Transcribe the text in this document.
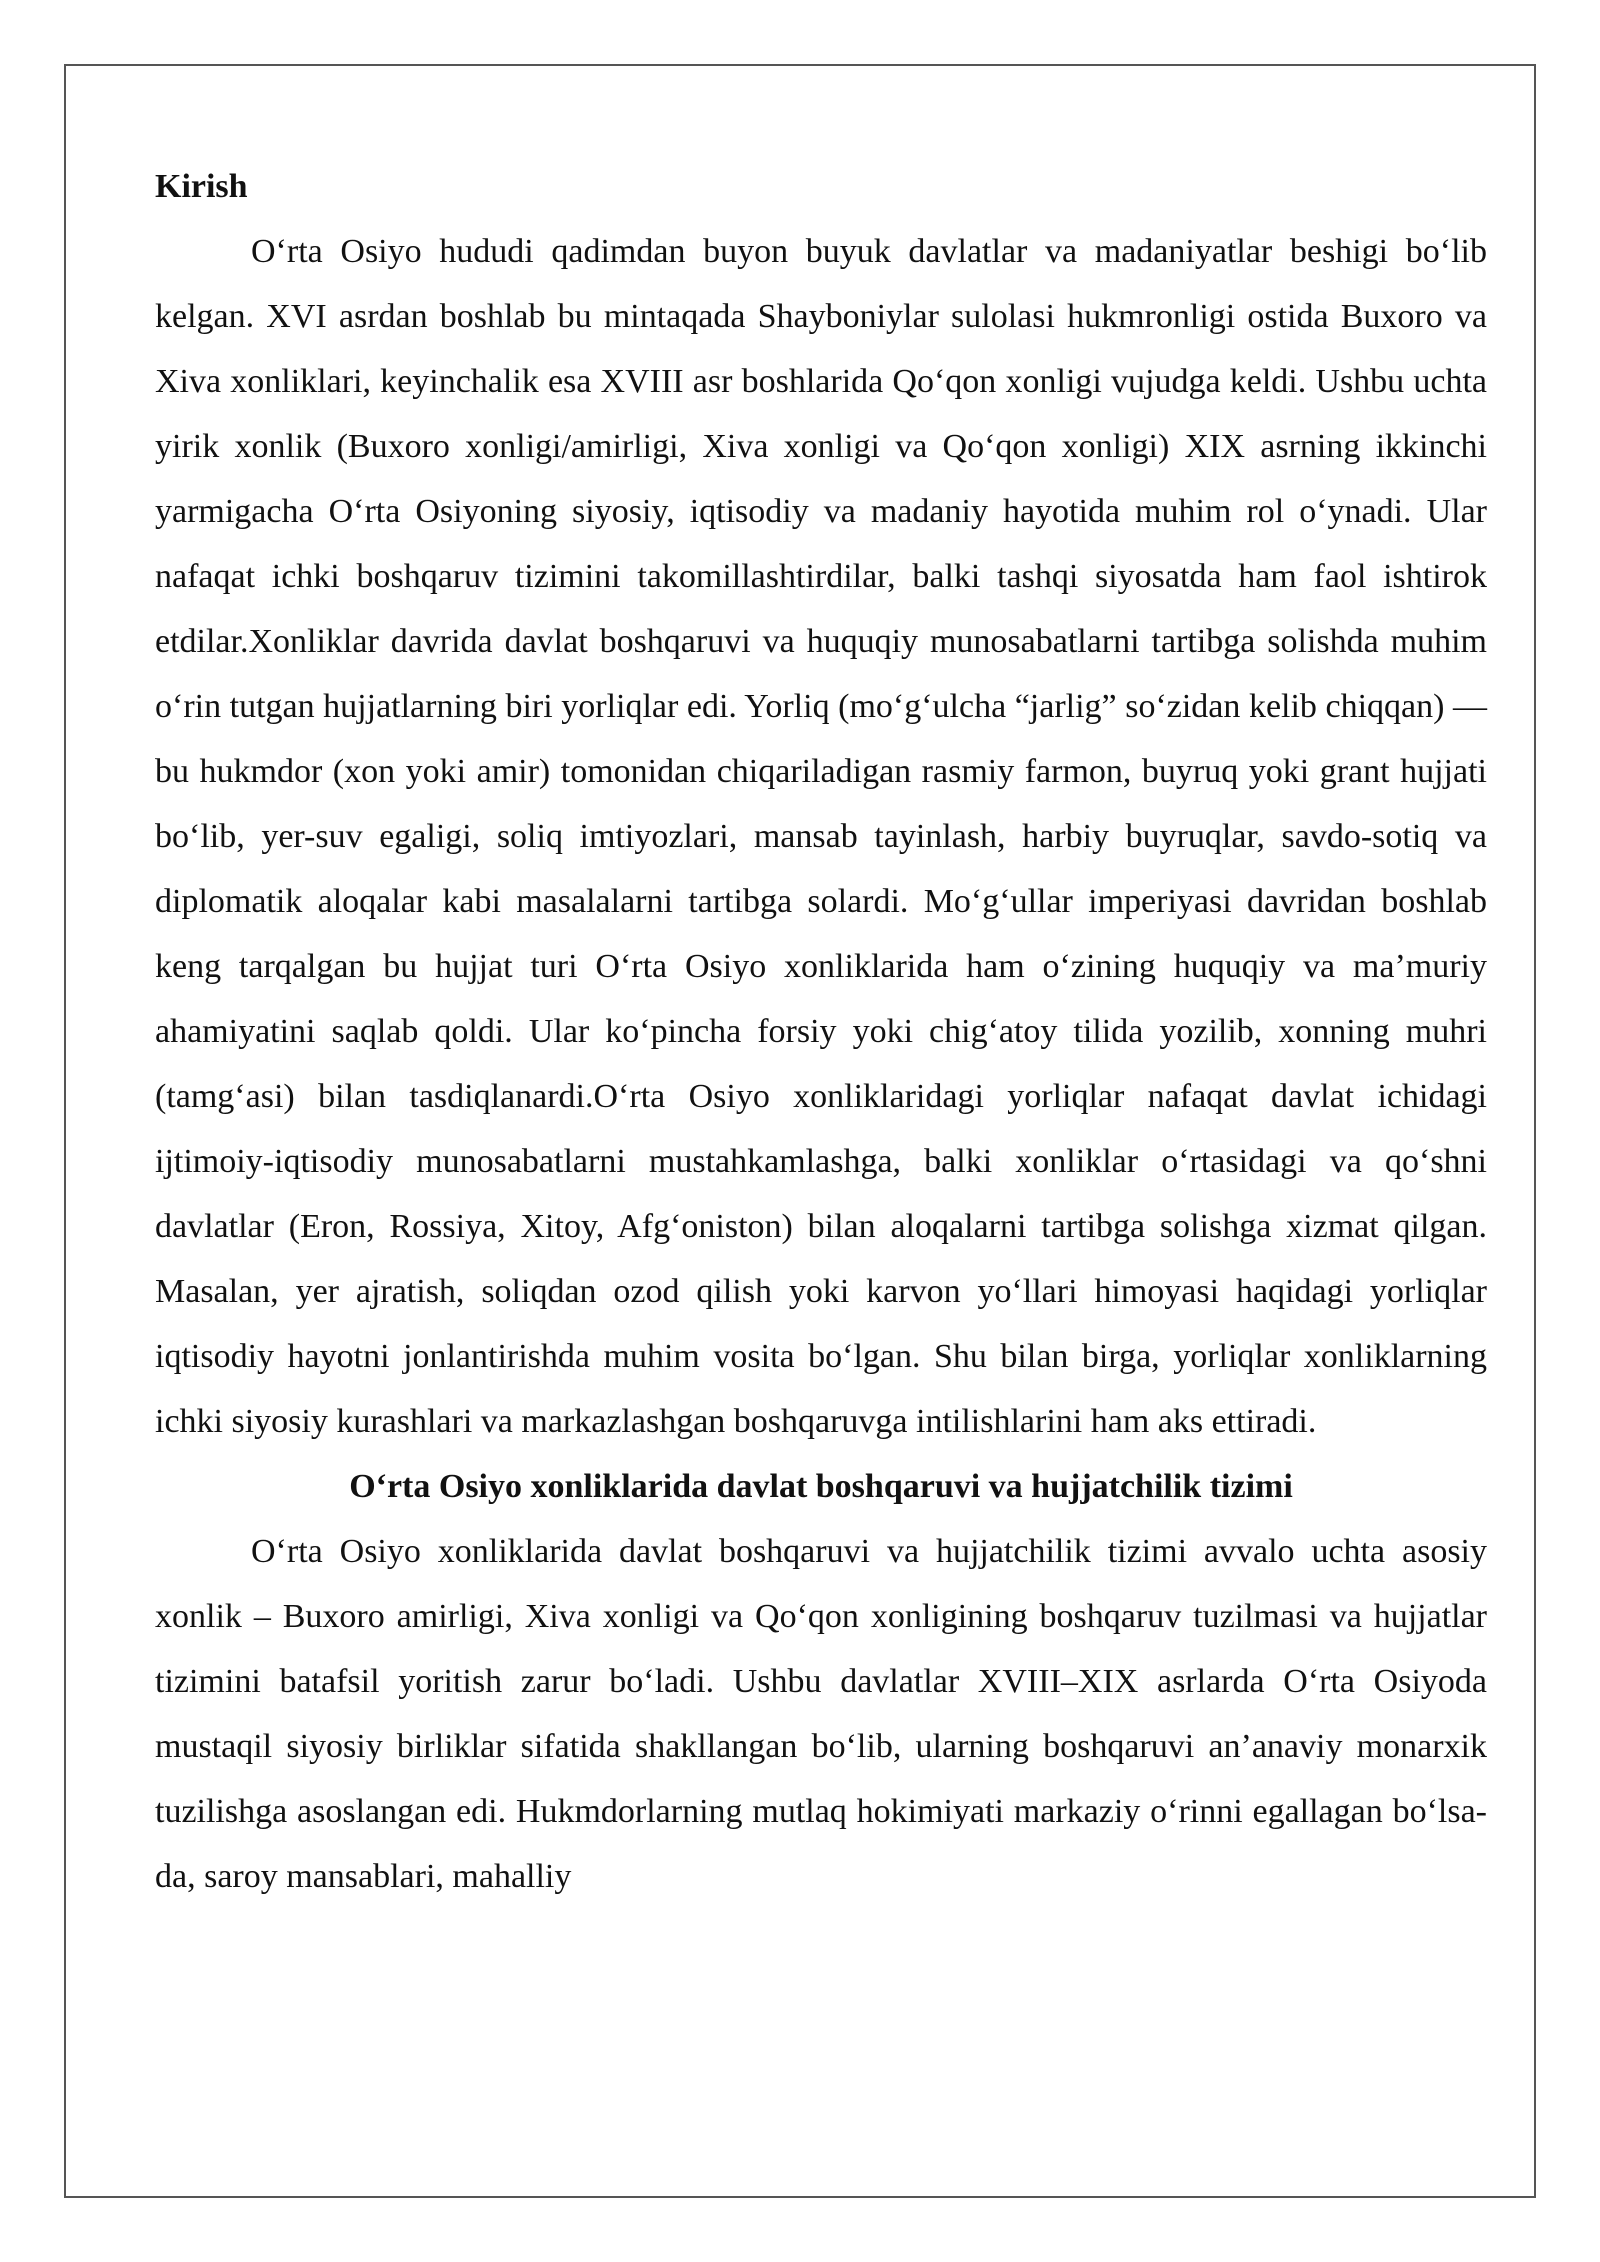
Kirish

O‘rta Osiyo hududi qadimdan buyon buyuk davlatlar va madaniyatlar beshigi bo‘lib kelgan. XVI asrdan boshlab bu mintaqada Shayboniylar sulolasi hukmronligi ostida Buxoro va Xiva xonliklari, keyinchalik esa XVIII asr boshlarida Qo‘qon xonligi vujudga keldi. Ushbu uchta yirik xonlik (Buxoro xonligi/amirligi, Xiva xonligi va Qo‘qon xonligi) XIX asrning ikkinchi yarmigacha O‘rta Osiyoning siyosiy, iqtisodiy va madaniy hayotida muhim rol o‘ynadi. Ular nafaqat ichki boshqaruv tizimini takomillashtirdilar, balki tashqi siyosatda ham faol ishtirok etdilar.Xonliklar davrida davlat boshqaruvi va huquqiy munosabatlarni tartibga solishda muhim o‘rin tutgan hujjatlarning biri yorliqlar edi. Yorliq (mo‘g‘ulcha “jarlig” so‘zidan kelib chiqqan) — bu hukmdor (xon yoki amir) tomonidan chiqariladigan rasmiy farmon, buyruq yoki grant hujjati bo‘lib, yer-suv egaligi, soliq imtiyozlari, mansab tayinlash, harbiy buyruqlar, savdo-sotiq va diplomatik aloqalar kabi masalalarni tartibga solardi. Mo‘g‘ullar imperiyasi davridan boshlab keng tarqalgan bu hujjat turi O‘rta Osiyo xonliklarida ham o‘zining huquqiy va ma’muriy ahamiyatini saqlab qoldi. Ular ko‘pincha forsiy yoki chig‘atoy tilida yozilib, xonning muhri (tamg‘asi) bilan tasdiqlanardi.O‘rta Osiyo xonliklaridagi yorliqlar nafaqat davlat ichidagi ijtimoiy-iqtisodiy munosabatlarni mustahkamlashga, balki xonliklar o‘rtasidagi va qo‘shni davlatlar (Eron, Rossiya, Xitoy, Afg‘oniston) bilan aloqalarni tartibga solishga xizmat qilgan. Masalan, yer ajratish, soliqdan ozod qilish yoki karvon yo‘llari himoyasi haqidagi yorliqlar iqtisodiy hayotni jonlantirishda muhim vosita bo‘lgan. Shu bilan birga, yorliqlar xonliklarning ichki siyosiy kurashlari va markazlashgan boshqaruvga intilishlarini ham aks ettiradi.

O‘rta Osiyo xonliklarida davlat boshqaruvi va hujjatchilik tizimi

O‘rta Osiyo xonliklarida davlat boshqaruvi va hujjatchilik tizimi avvalo uchta asosiy xonlik – Buxoro amirligi, Xiva xonligi va Qo‘qon xonligining boshqaruv tuzilmasi va hujjatlar tizimini batafsil yoritish zarur bo‘ladi. Ushbu davlatlar XVIII–XIX asrlarda O‘rta Osiyoda mustaqil siyosiy birliklar sifatida shakllangan bo‘lib, ularning boshqaruvi an’anaviy monarxik tuzilishga asoslangan edi. Hukmdorlarning mutlaq hokimiyati markaziy o‘rinni egallagan bo‘lsa-da, saroy mansablari, mahalliy
